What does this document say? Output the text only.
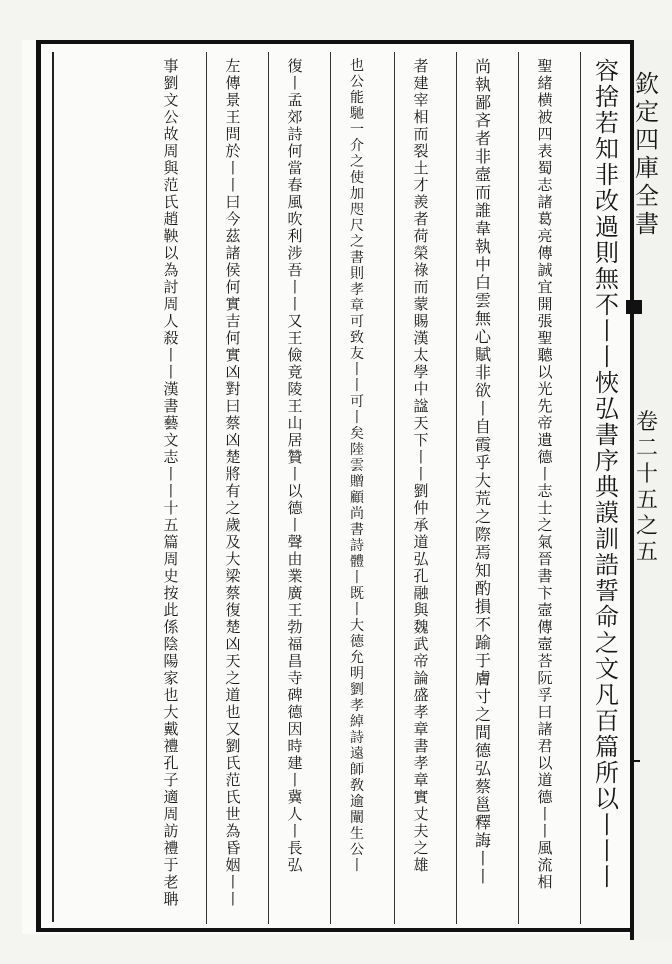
容
捨
若
知
非
改
過
則
無
不
丨
丨
悏
弘
書
序
典
謨
訓
誥
誓
命
之
文
凡
百
篇
所
以
丨
丨
丨
聖
緒
横
被
四
表
蜀
志
諸
葛
亮
傳
誠
宜
開
張
聖
聽
以
光
先
帝
遺
德
丨
志
士
之
氣
晉
書
卞
壼
傳
壼
荅
阮
孚
曰
諸
君
以
道
德
丨
丨
風
流
相
尚
執
鄙
吝
者
非
壼
而
誰
韋
執
中
白
雲
無
心
賦
非
欲
丨
自
霞
乎
大
荒
之
際
焉
知
酌
損
不
踰
于
膚
寸
之
間
德
弘
蔡
邕
釋
誨
丨
丨
者
建
宰
相
而
裂
土
才
羨
者
荷
榮
祿
而
蒙
賜
漢
太
學
中
諡
天
下
丨
丨
劉
仲
承
道
弘
孔
融
與
魏
武
帝
論
盛
孝
章
書
孝
章
實
丈
夫
之
雄
也
公
能
馳
一
介
之
使
加
咫
尺
之
書
則
孝
章
可
致
友
丨
丨
可
丨
矣
陸
雲
贈
顧
尚
書
詩
體
丨
既
丨
大
德
允
明
劉
孝
綽
詩
遠
師
敎
逾
闡
生
公
丨
復
丨
孟
郊
詩
何
當
春
風
吹
利
涉
吾
丨
丨
又
王
儉
竟
陵
王
山
居
贊
丨
以
德
丨
聲
由
業
廣
王
勃
福
昌
寺
碑
德
因
時
建
丨
冀
人
丨
長
弘
左
傳
景
王
問
於
丨
丨
曰
今
茲
諸
侯
何
實
吉
何
實
凶
對
曰
蔡
凶
楚
將
有
之
歲
及
大
梁
蔡
復
楚
凶
天
之
道
也
又
劉
氏
范
氏
世
為
昏
姻
丨
丨
事
劉
文
公
故
周
與
范
氏
趙
鞅
以
為
討
周
人
殺
丨
丨
漢
書
藝
文
志
丨
丨
十
五
篇
周
史
按
此
係
陰
陽
家
也
大
戴
禮
孔
子
適
周
訪
禮
于
老
聃
欽
定
四
庫
全
書
卷
二
十
五
之
五
